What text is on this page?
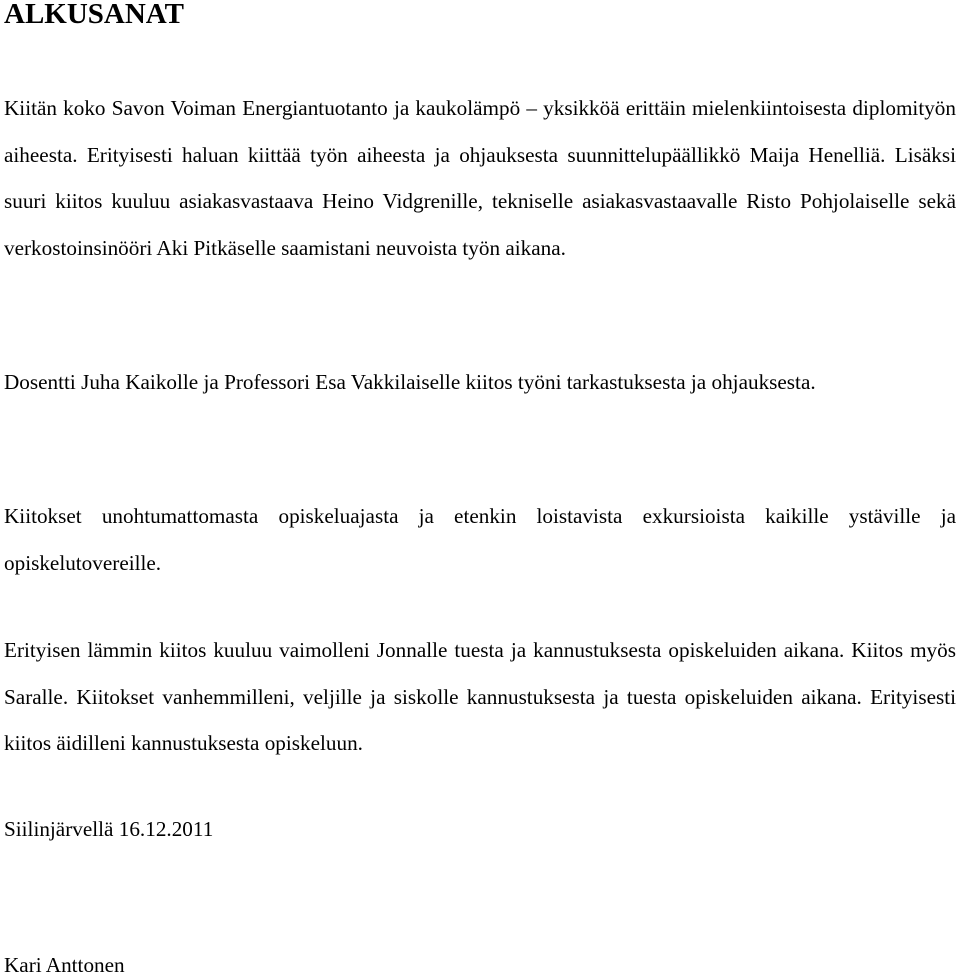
ALKUSANAT

Kiitän koko Savon Voiman Energiantuotanto ja kaukolämpö – yksikköä erittäin mielenkiintoisesta diplomityön aiheesta. Erityisesti haluan kiittää työn aiheesta ja ohjauksesta suunnittelupäällikkö Maija Henelliä. Lisäksi suuri kiitos kuuluu asiakasvastaava Heino Vidgrenille, tekniselle asiakasvastaavalle Risto Pohjolaiselle sekä verkostoinsinööri Aki Pitkäselle saamistani neuvoista työn aikana.

Dosentti Juha Kaikolle ja Professori Esa Vakkilaiselle kiitos työni tarkastuksesta ja ohjauksesta.

Kiitokset unohtumattomasta opiskeluajasta ja etenkin loistavista exkursioista kaikille ystäville ja opiskelutovereille.

Erityisen lämmin kiitos kuuluu vaimolleni Jonnalle tuesta ja kannustuksesta opiskeluiden aikana. Kiitos myös Saralle. Kiitokset vanhemmilleni, veljille ja siskolle kannustuksesta ja tuesta opiskeluiden aikana. Erityisesti kiitos äidilleni kannustuksesta opiskeluun.

Siilinjärvellä 16.12.2011

Kari Anttonen
